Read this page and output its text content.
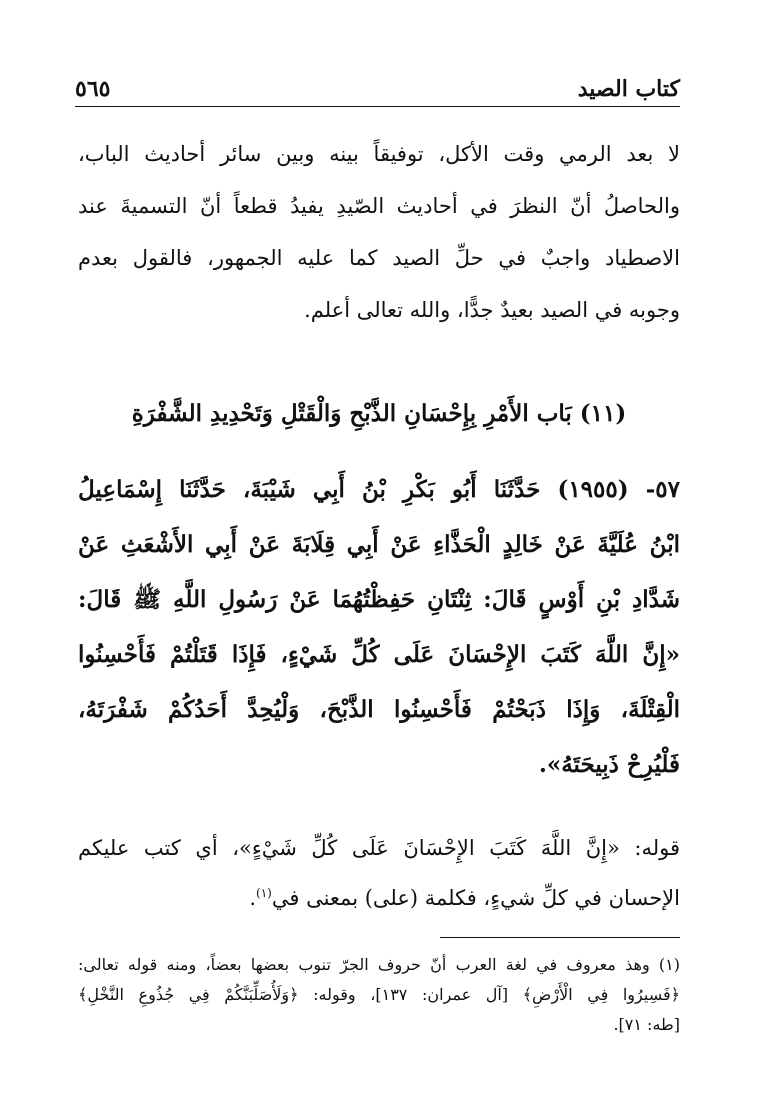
كتاب الصيد
٥٦٥
لا بعد الرمي وقت الأكل، توفيقاً بينه وبين سائر أحاديث الباب،
والحاصلُ أنّ النظرَ في أحاديث الصّيدِ يفيدُ قطعاً أنّ التسميةَ عند
الاصطياد واجبٌ في حلِّ الصيد كما عليه الجمهور، فالقول بعدم
وجوبه في الصيد بعيدٌ جدًّا، والله تعالى أعلم.
(١١) بَاب الأَمْرِ بِإِحْسَانِ الذَّبْحِ وَالْقَتْلِ وَتَحْدِيدِ الشَّفْرَةِ
٥٧- (١٩٥٥) حَدَّثَنَا أَبُو بَكْرِ بْنُ أَبِي شَيْبَةَ، حَدَّثَنَا إِسْمَاعِيلُ
ابْنُ عُلَيَّةَ عَنْ خَالِدٍ الْحَذَّاءِ عَنْ أَبِي قِلَابَةَ عَنْ أَبِي الأَشْعَثِ عَنْ
شَدَّادِ بْنِ أَوْسٍ قَالَ: ثِنْتَانِ حَفِظْتُهُمَا عَنْ رَسُولِ اللَّهِ ﷺ قَالَ:
«إِنَّ اللَّهَ كَتَبَ الإِحْسَانَ عَلَى كُلِّ شَيْءٍ، فَإِذَا قَتَلْتُمْ فَأَحْسِنُوا
الْقِتْلَةَ، وَإِذَا ذَبَحْتُمْ فَأَحْسِنُوا الذَّبْحَ، وَلْيُحِدَّ أَحَدُكُمْ شَفْرَتَهُ،
فَلْيُرِحْ ذَبِيحَتَهُ».
قوله: «إِنَّ اللَّهَ كَتَبَ الإِحْسَانَ عَلَى كُلِّ شَيْءٍ»، أي كتب عليكم
الإحسان في كلِّ شيءٍ، فكلمة (على) بمعنى في$^{(١)}$.
(١) وهذ معروف في لغة العرب أنّ حروف الجرّ تنوب بعضها بعضاً، ومنه قوله تعالى:
﴿فَسِيرُوا فِي الْأَرْضِ﴾ [آل عمران: ١٣٧]، وقوله: ﴿وَلَأُصَلِّبَنَّكُمْ فِي جُذُوعِ النَّخْلِ﴾
[طه: ٧١].
